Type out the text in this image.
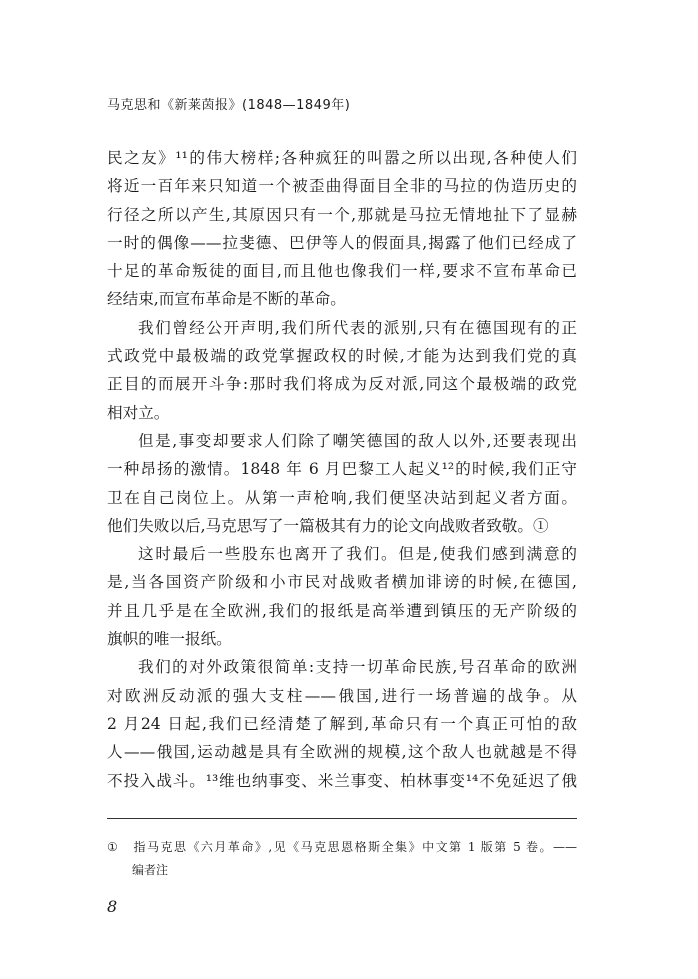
马克思和《新莱茵报》(1848—1849年)
民之友》¹¹的伟大榜样;各种疯狂的叫嚣之所以出现,各种使人们
将近一百年来只知道一个被歪曲得面目全非的马拉的伪造历史的
行径之所以产生,其原因只有一个,那就是马拉无情地扯下了显赫
一时的偶像——拉斐德、巴伊等人的假面具,揭露了他们已经成了
十足的革命叛徒的面目,而且他也像我们一样,要求不宣布革命已
经结束,而宣布革命是不断的革命。
我们曾经公开声明,我们所代表的派别,只有在德国现有的正
式政党中最极端的政党掌握政权的时候,才能为达到我们党的真
正目的而展开斗争:那时我们将成为反对派,同这个最极端的政党
相对立。
但是,事变却要求人们除了嘲笑德国的敌人以外,还要表现出
一种昂扬的激情。1848 年 6 月巴黎工人起义¹²的时候,我们正守
卫在自己岗位上。从第一声枪响,我们便坚决站到起义者方面。
他们失败以后,马克思写了一篇极其有力的论文向战败者致敬。①
这时最后一些股东也离开了我们。但是,使我们感到满意的
是,当各国资产阶级和小市民对战败者横加诽谤的时候,在德国,
并且几乎是在全欧洲,我们的报纸是高举遭到镇压的无产阶级的
旗帜的唯一报纸。
我们的对外政策很简单:支持一切革命民族,号召革命的欧洲
对欧洲反动派的强大支柱——俄国,进行一场普遍的战争。从
2 月24 日起,我们已经清楚了解到,革命只有一个真正可怕的敌
人——俄国,运动越是具有全欧洲的规模,这个敌人也就越是不得
不投入战斗。¹³维也纳事变、米兰事变、柏林事变¹⁴不免延迟了俄
① 指马克思《六月革命》,见《马克思恩格斯全集》中文第 1 版第 5 卷。——
编者注
8
